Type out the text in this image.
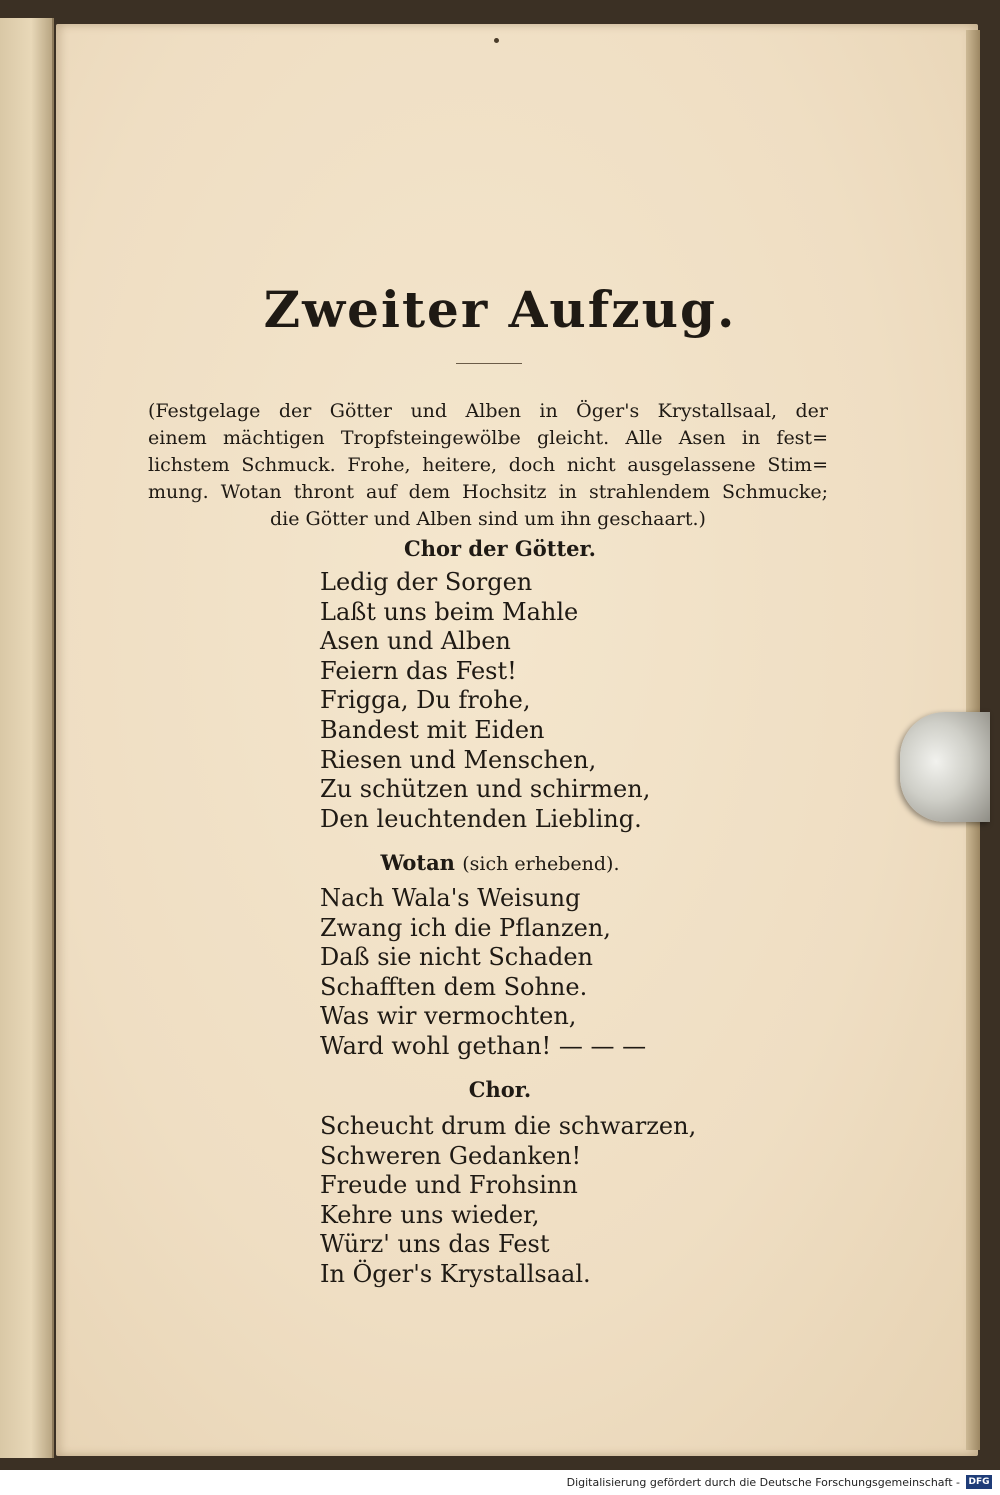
Zweiter Aufzug.
(Festgelage der Götter und Alben in Öger's Krystallsaal, der
einem mächtigen Tropfsteingewölbe gleicht. Alle Asen in fest=
lichstem Schmuck. Frohe, heitere, doch nicht ausgelassene Stim=
mung. Wotan thront auf dem Hochsitz in strahlendem Schmucke;
die Götter und Alben sind um ihn geschaart.)
Chor der Götter.
Ledig der Sorgen
Laßt uns beim Mahle
Asen und Alben
Feiern das Fest!
Frigga, Du frohe,
Bandest mit Eiden
Riesen und Menschen,
Zu schützen und schirmen,
Den leuchtenden Liebling.
Wotan (sich erhebend).
Nach Wala's Weisung
Zwang ich die Pflanzen,
Daß sie nicht Schaden
Schafften dem Sohne.
Was wir vermochten,
Ward wohl gethan! — — —
Chor.
Scheucht drum die schwarzen,
Schweren Gedanken!
Freude und Frohsinn
Kehre uns wieder,
Würz' uns das Fest
In Öger's Krystallsaal.
Digitalisierung gefördert durch die Deutsche Forschungsgemeinschaft - DFG
